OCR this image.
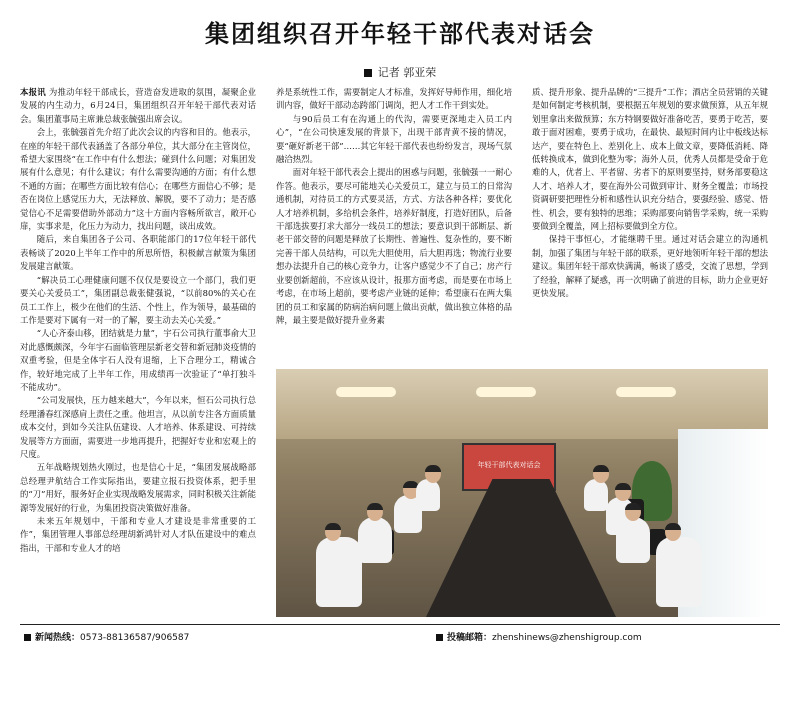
集团组织召开年轻干部代表对话会
记者 郭亚荣

本报讯 为推动年轻干部成长，营造奋发进取的氛围，凝聚企业发展的内生动力，6月24日，集团组织召开年轻干部代表对话会。集团董事局主席兼总裁张毓强出席会议。

会上，张毓强首先介绍了此次会议的内容和目的。他表示，在座的年轻干部代表涵盖了各部分单位，其大部分在主管岗位，希望大家围绕“在工作中有什么想法；碰到什么问题；对集团发展有什么意见；有什么建议；有什么需要沟通的方面；有什么想不通的方面；在哪些方面比较有信心；在哪些方面信心不够；是否在岗位上感觉压力大，无法释放、解脱，要不了动力；是否感觉信心不足需要借助外部动力”这十方面内容畅所欲言，敞开心扉，实事求是，化压力为动力，找出问题，谈出成效。

随后，来自集团各子公司、各职能部门的17位年轻干部代表畅谈了2020上半年工作中的所思所悟，积极献言献策为集团发展建言献策。

“解决员工心理健康问题不仅仅是要设立一个部门，我们更要关心关爱员工”，集团副总裁张健强说，“以前80%的关心在员工工作上，极少在他们的生活、个性上，作为领导，最基础的工作是要对下属有一对一的了解，要主动去关心关爱。”

“人心齐泰山移，团结就是力量”，宇石公司执行董事俞大卫对此感慨颇深，今年宇石面临管理层新老交替和新冠肺炎疫情的双重考验，但是全体宇石人没有退缩，上下合理分工，精诚合作，较好地完成了上半年工作，用成绩再一次验证了“单打独斗不能成功”。

“公司发展快，压力越来越大”，今年以来，恒石公司执行总经理潘春红深感肩上责任之重。他坦言，从以前专注各方面质量成本交付，到如今关注队伍建设、人才培养、体系建设、可持续发展等方方面面，需要进一步地再提升，把握好专业和宏观上的尺度。

五年战略规划热火刚过，也是信心十足，“集团发展战略部总经理尹航结合工作实际指出，要建立报石投资体系，把手里的“刀”用好，服务好企业实现战略发展需求，同时积极关注新能源等发展好的行业，为集团投资决策做好准备。

未来五年规划中，干部和专业人才建设是非常重要的工作”，集团管理人事部总经理胡新鸿针对人才队伍建设中的难点指出，干部和专业人才的培

养是系统性工作，需要制定人才标准，发挥好导师作用，细化培训内容，做好干部动态跨部门调岗，把人才工作干到实处。

与90后员工有在沟通上的代沟，需要更深地走入员工内心”，“在公司快速发展的背景下，出现干部青黄不接的情况，要“砸好新老干部”……其它年轻干部代表也纷纷发言，现场气氛融洽热烈。

面对年轻干部代表会上提出的困惑与问题，张毓强一一耐心作答。他表示，要尽可能地关心关爱员工，建立与员工的日常沟通机制，对待员工的方式要灵活，方式、方法各种各样；要优化人才培养机制，多给机会条件，培养好制度，打造好团队，后备干部选拔要打求大部分一线员工的想法；要意识到干部断层、新老干部交替的问题是释放了长期性、普遍性、复杂性的，要不断完善干部人员结构，可以先大胆使用，后大胆再选；物流行业要想办法提升自己的核心竞争力，让客户感觉少不了自己；房产行业要创新超前，不应该从设计，报那方面考虑，而是要在市场上考虑，在市场上超前，要考虑产业链的延伸；希望康石在两大集团的员工和家属的防病治病问题上做出贡献，做出独立体格的品牌，最主要是做好提升业务素

质、提升形象、提升品牌的“三提升”工作；酒店全员营销的关键是如何制定考核机制，要根据五年规划的要求做预算，从五年规划里拿出来做预算；东方特钢要做好准备吃苦，要勇于吃苦，要敢于面对困难，要勇于成功，在最快、最短时间内让中板线达标达产，要在特色上、差别化上、成本上做文章，要降低消耗、降低转换成本，做到化整为零；海外人员，优秀人员都是受命于危难的人，优者上、平者留、劣者下的原则要坚持，财务部要稳这人才、培养人才，要在海外公司做到审计、财务全覆盖；市场投资调研要把理性分析和感性认识充分结合，要强经验、感觉、悟性、机会，要有独特的思维；采购部要向销售学采购，统一采购要做到全覆盖，网上招标要做到全方位。

保持干事恒心，才能继聘千里。通过对话会建立的沟通机制，加强了集团与年轻干部的联系，更好地领听年轻干部的想法建议。集团年轻干部欢快满满，畅谈了感受，交流了思想，学到了经验，解释了疑惑，再一次明确了前进的目标，助力企业更好更快发展。

年轻干部代表对话会
新闻热线：0573-88136587/906587	投稿邮箱：zhenshinews@zhenshigroup.com
